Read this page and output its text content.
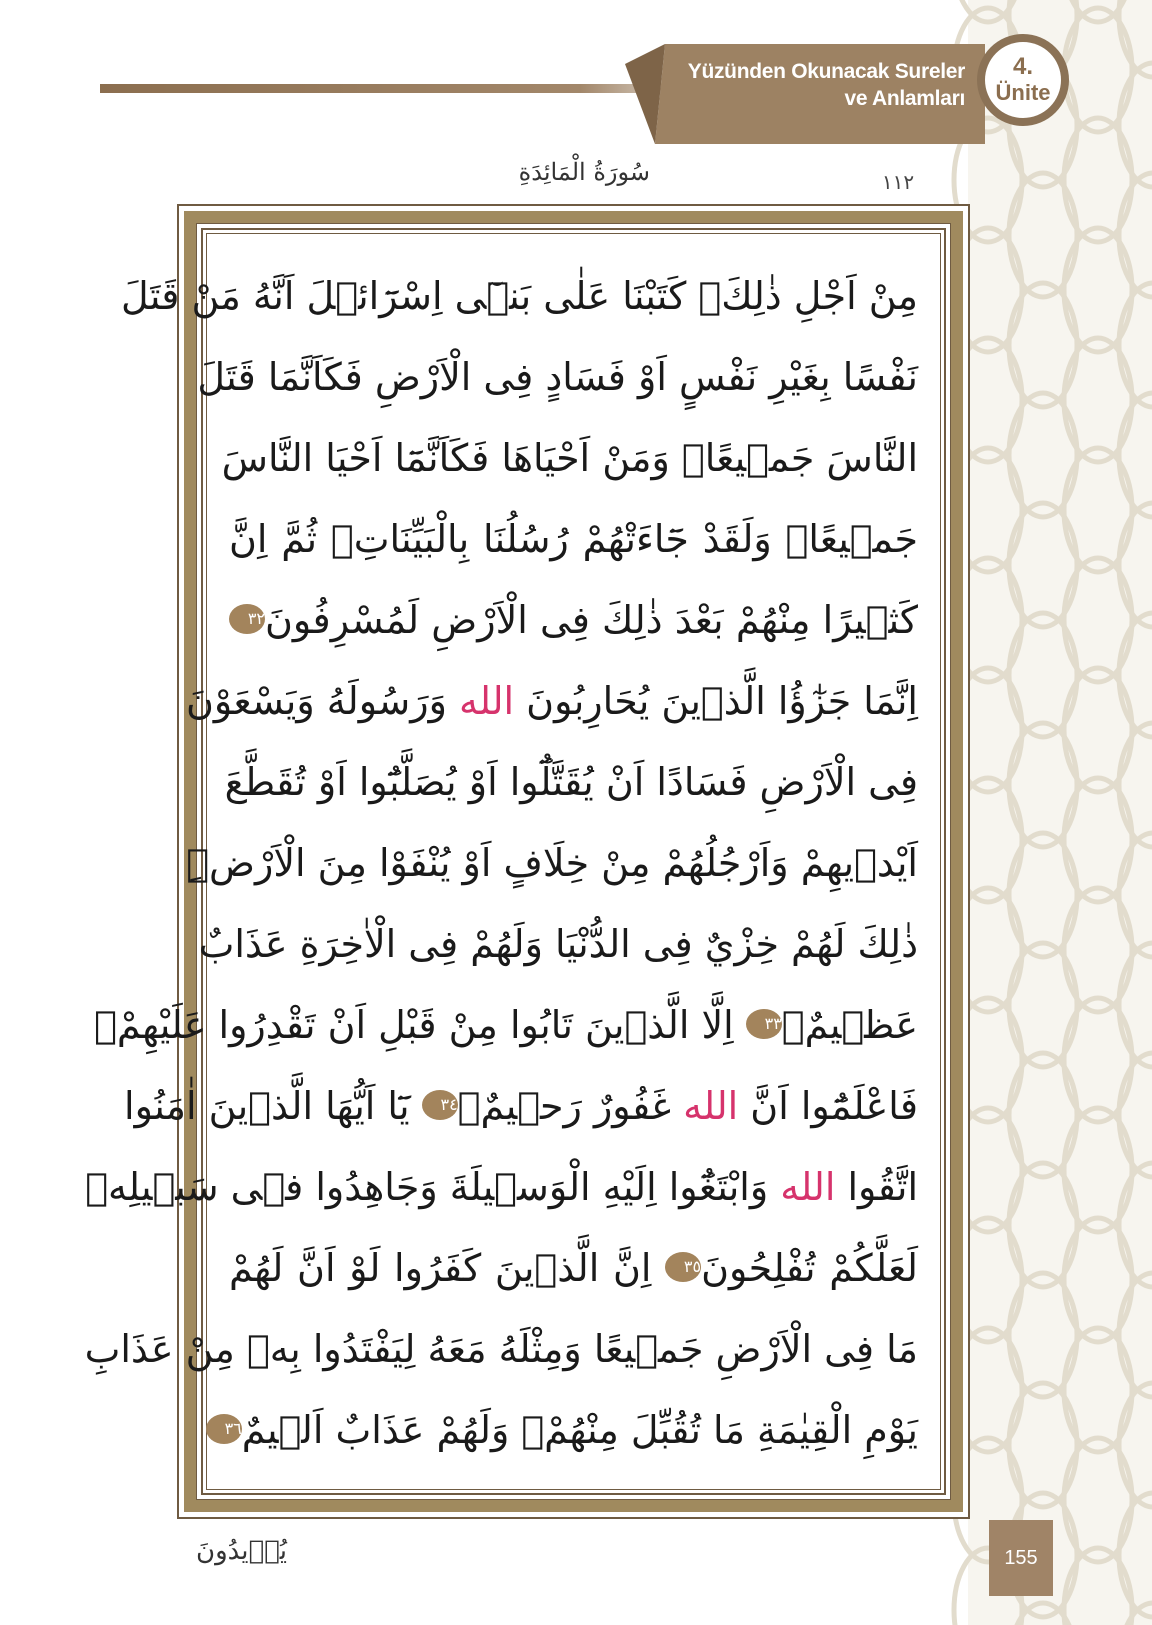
Yüzünden Okunacak Sureler
ve Anlamları
4.
Ünite
سُورَةُ الْمَائِدَةِ	١١٢
مِنْ اَجْلِ ذٰلِكَۚ كَتَبْنَا عَلٰى بَنٖٓى اِسْرَٓائٖلَ اَنَّهُ مَنْ قَتَلَ
نَفْسًا بِغَيْرِ نَفْسٍ اَوْ فَسَادٍ فِى الْاَرْضِ فَكَاَنَّمَا قَتَلَ
النَّاسَ جَمٖيعًاۜ وَمَنْ اَحْيَاهَا فَكَاَنَّمَٓا اَحْيَا النَّاسَ
جَمٖيعًاۜ وَلَقَدْ جَٓاءَتْهُمْ رُسُلُنَا بِالْبَيِّنَاتِۘ ثُمَّ اِنَّ
كَثٖيرًا مِنْهُمْ بَعْدَ ذٰلِكَ فِى الْاَرْضِ لَمُسْرِفُونَ٣٢
اِنَّمَا جَزٰٓؤُا الَّذٖينَ يُحَارِبُونَ الله وَرَسُولَهُ وَيَسْعَوْنَ
فِى الْاَرْضِ فَسَادًا اَنْ يُقَتَّلُٓوا اَوْ يُصَلَّبُٓوا اَوْ تُقَطَّعَ
اَيْدٖيهِمْ وَاَرْجُلُهُمْ مِنْ خِلَافٍ اَوْ يُنْفَوْا مِنَ الْاَرْضِۜ
ذٰلِكَ لَهُمْ خِزْيٌ فِى الدُّنْيَا وَلَهُمْ فِى الْاٰخِرَةِ عَذَابٌ
عَظٖيمٌۙ٣٣ اِلَّا الَّذٖينَ تَابُوا مِنْ قَبْلِ اَنْ تَقْدِرُوا عَلَيْهِمْۚ
فَاعْلَمُٓوا اَنَّ الله غَفُورٌ رَحٖيمٌ۟٣٤ يَٓا اَيُّهَا الَّذٖينَ اٰمَنُوا
اتَّقُوا الله وَابْتَغُٓوا اِلَيْهِ الْوَسٖيلَةَ وَجَاهِدُوا فٖى سَبٖيلِهٖ
لَعَلَّكُمْ تُفْلِحُونَ٣٥ اِنَّ الَّذٖينَ كَفَرُوا لَوْ اَنَّ لَهُمْ
مَا فِى الْاَرْضِ جَمٖيعًا وَمِثْلَهُ مَعَهُ لِيَفْتَدُوا بِهٖ مِنْ عَذَابِ
يَوْمِ الْقِيٰمَةِ مَا تُقُبِّلَ مِنْهُمْۚ وَلَهُمْ عَذَابٌ اَلٖيمٌ٣٦
يُرٖيدُونَ	155
